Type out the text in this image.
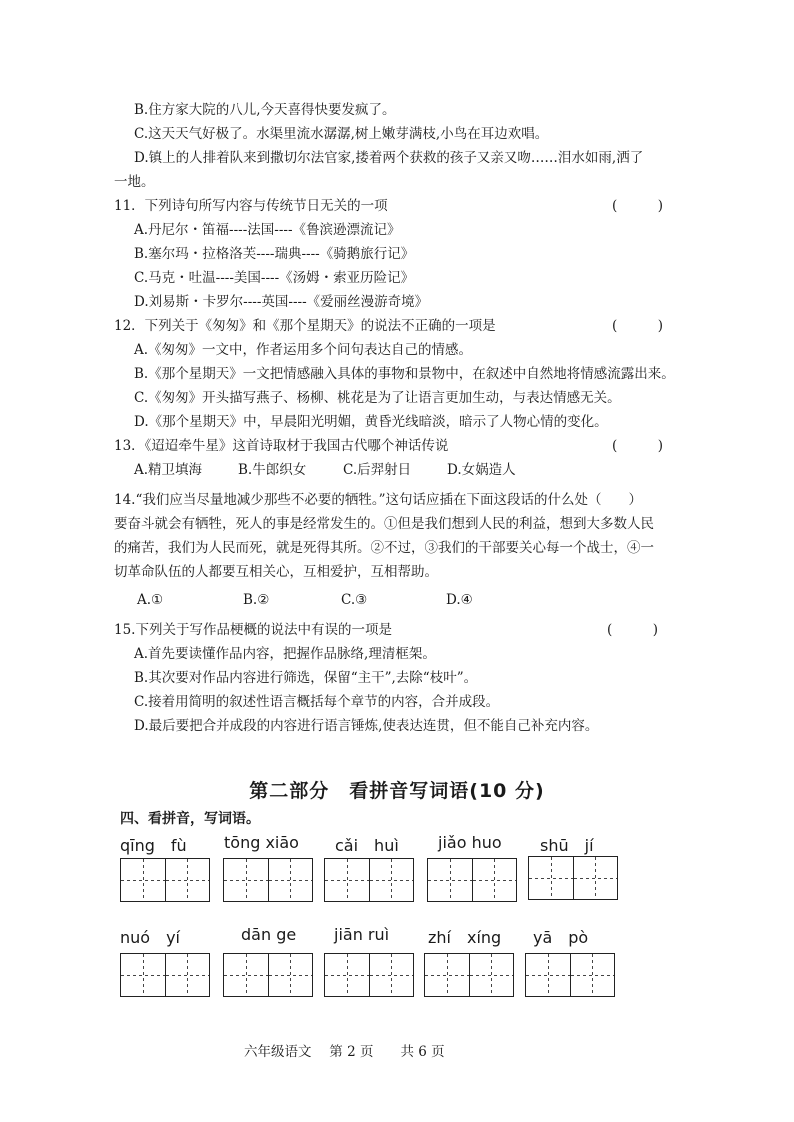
B.住方家大院的八儿,今天喜得快要发疯了。
C.这天天气好极了。水渠里流水潺潺,树上嫩芽满枝,小鸟在耳边欢唱。
D.镇上的人排着队来到撒切尔法官家,搂着两个获救的孩子又亲又吻……泪水如雨,洒了
一地。
11．下列诗句所写内容与传统节日无关的一项	(　　　)
A.丹尼尔・笛福----法国----《鲁滨逊漂流记》
B.塞尔玛・拉格洛芙----瑞典----《骑鹅旅行记》
C.马克・吐温----美国----《汤姆・索亚历险记》
D.刘易斯・卡罗尔----英国----《爱丽丝漫游奇境》
12．下列关于《匆匆》和《那个星期天》的说法不正确的一项是	(　　　)
A.《匆匆》一文中，作者运用多个问句表达自己的情感。
B.《那个星期天》一文把情感融入具体的事物和景物中，在叙述中自然地将情感流露出来。
C.《匆匆》开头描写燕子、杨柳、桃花是为了让语言更加生动，与表达情感无关。
D.《那个星期天》中，早晨阳光明媚，黄昏光线暗淡，暗示了人物心情的变化。
13．《迢迢牵牛星》这首诗取材于我国古代哪个神话传说	(　　　)
A.精卫填海	B.牛郎织女	C.后羿射日	D.女娲造人
14.“我们应当尽量地减少那些不必要的牺牲。”这句话应插在下面这段话的什么处（　　）
要奋斗就会有牺牲，死人的事是经常发生的。①但是我们想到人民的利益，想到大多数人民
的痛苦，我们为人民而死，就是死得其所。②不过，③我们的干部要关心每一个战士，④一
切革命队伍的人都要互相关心，互相爱护，互相帮助。
A.①	B.②	C.③	D.④
15.下列关于写作品梗概的说法中有误的一项是	(　　　)
A.首先要读懂作品内容，把握作品脉络,理清框架。
B.其次要对作品内容进行筛选，保留“主干”,去除“枝叶”。
C.接着用简明的叙述性语言概括每个章节的内容，合并成段。
D.最后要把合并成段的内容进行语言锤炼,使表达连贯，但不能自己补充内容。
第二部分　看拼音写词语(10 分)
四、看拼音，写词语。
qīng　fù tōng xiāo cǎi　huì jiǎo huo shū　jí
nuó　yí	dān ge jiān ruì zhí　xíng yā　pò
六年级语文　 第 2 页　　共 6 页
